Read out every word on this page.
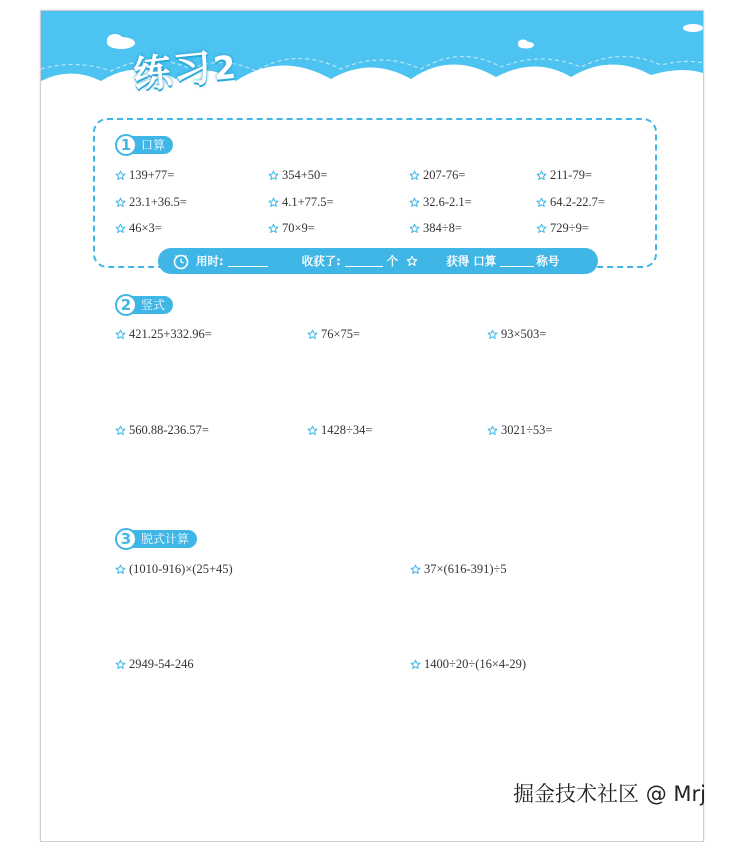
练习2
1 口算
139+77=	354+50=	207-76=	211-79=
23.1+36.5=	4.1+77.5=	32.6-2.1=	64.2-22.7=
46×3=	70×9=	384÷8=	729÷9=
用时:	收获了:	个	获得 口算	称号
2 竖式
421.25+332.96=	76×75=	93×503=
560.88-236.57=	1428÷34=	3021÷53=
3 脱式计算
(1010-916)×(25+45)	37×(616-391)÷5
2949-54-246	1400÷20÷(16×4-29)
掘金技术社区 @ Mrj
